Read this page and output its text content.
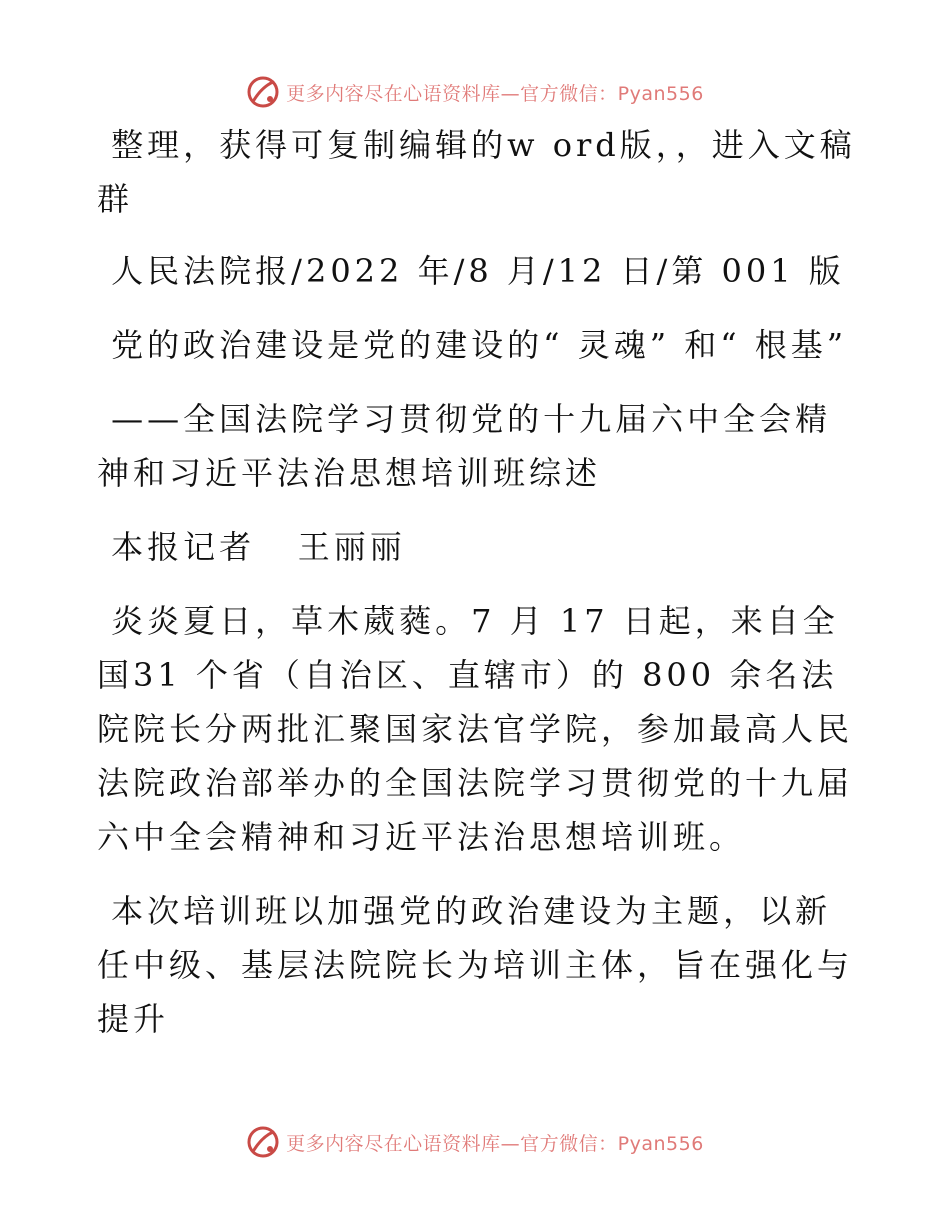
更多内容尽在心语资料库—官方微信：Pyan556

整理，获得可复制编辑的w ord版，，进入文稿群

人民法院报/2022 年/8 月/12 日/第 001 版

党的政治建设是党的建设的“ 灵魂” 和“ 根基”

——全国法院学习贯彻党的十九届六中全会精神和习近平法治思想培训班综述

本报记者   王丽丽

炎炎夏日，草木葳蕤。7 月 17 日起，来自全国31 个省（自治区、直辖市）的 800 余名法院院长分两批汇聚国家法官学院，参加最高人民法院政治部举办的全国法院学习贯彻党的十九届六中全会精神和习近平法治思想培训班。

本次培训班以加强党的政治建设为主题，以新任中级、基层法院院长为培训主体，旨在强化与提升

更多内容尽在心语资料库—官方微信：Pyan556
